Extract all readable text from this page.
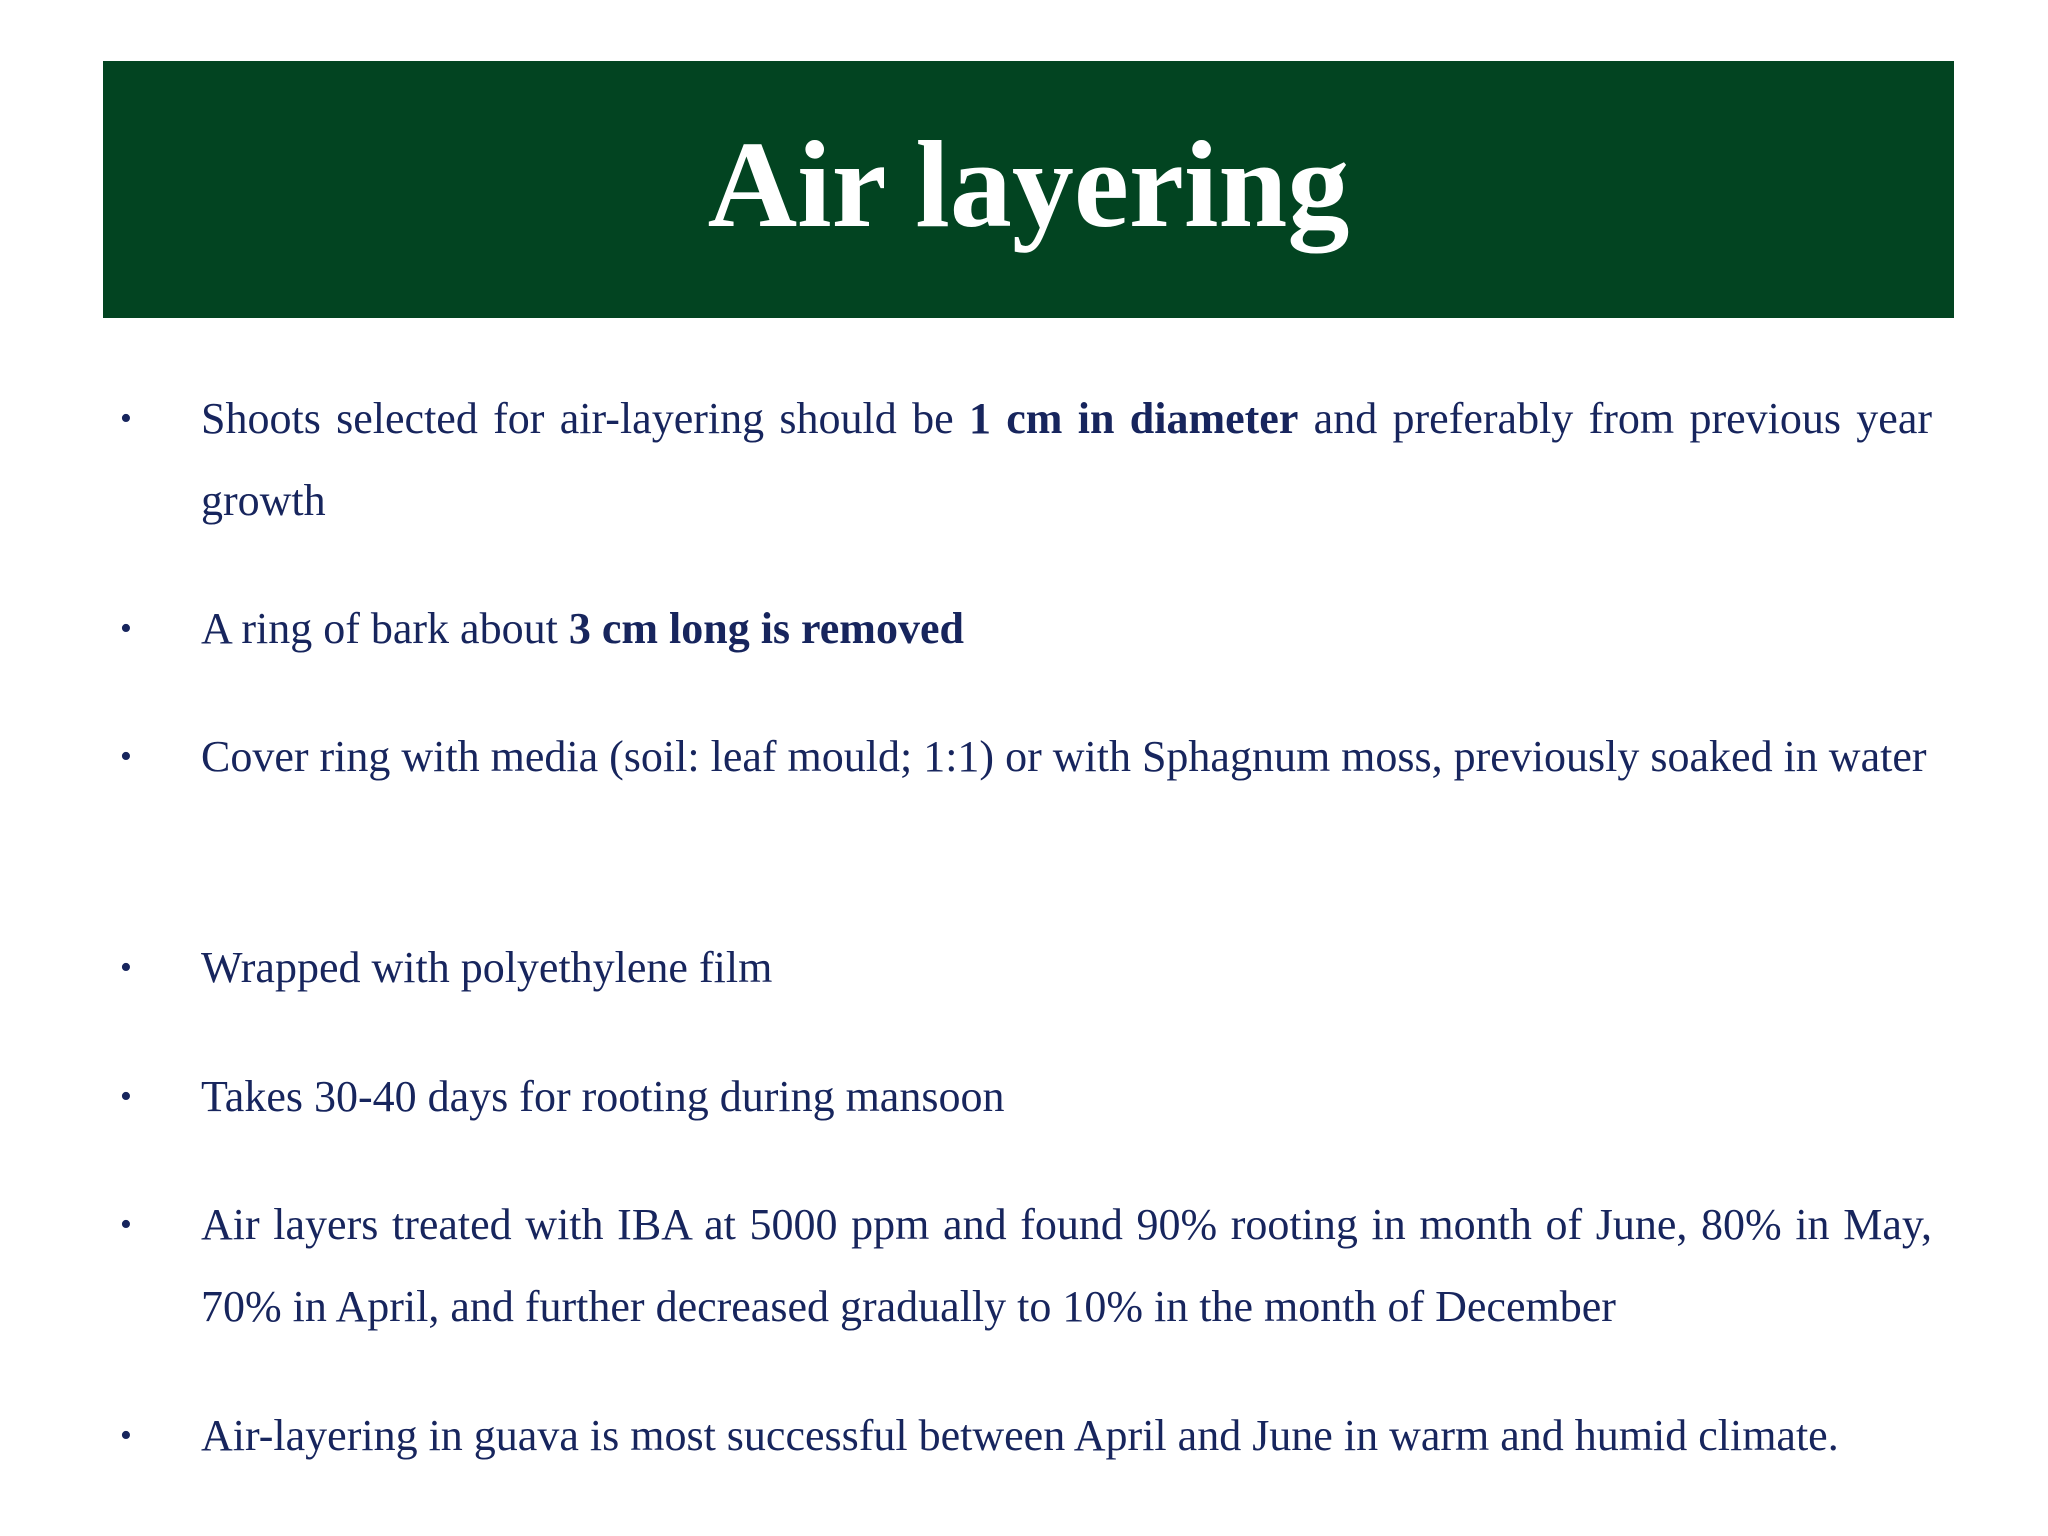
Air layering
•	Shoots selected for air-layering should be 1 cm in diameter and preferably from previous year growth
•	A ring of bark about 3 cm long is removed
•	Cover ring with media (soil: leaf mould; 1:1) or with Sphagnum moss, previously soaked in water
•	Wrapped with polyethylene film
•	Takes 30-40 days for rooting during mansoon
•	Air layers treated with IBA at 5000 ppm and found 90% rooting in month of June, 80% in May, 70% in April, and further decreased gradually to 10% in the month of December
•	Air-layering in guava is most successful between April and June in warm and humid climate.
